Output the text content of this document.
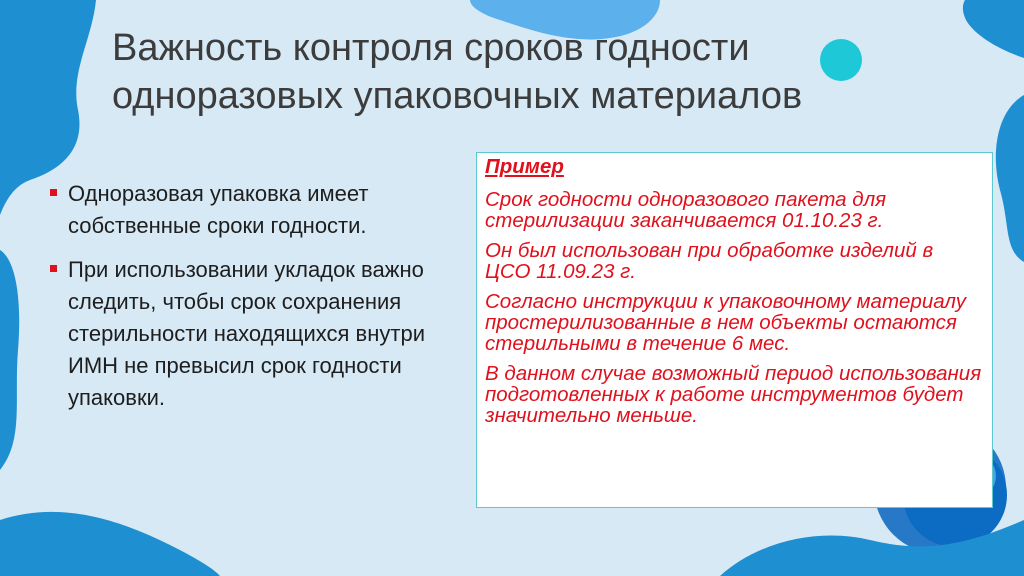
Важность контроля сроков годности одноразовых упаковочных материалов
Одноразовая упаковка имеет собственные сроки годности.
При использовании укладок важно следить, чтобы срок сохранения стерильности находящихся внутри ИМН не превысил срок годности упаковки.
Пример

Срок годности одноразового пакета для стерилизации заканчивается 01.10.23 г.

Он был использован при обработке изделий в ЦСО 11.09.23 г.

Согласно инструкции к упаковочному материалу простерилизованные в нем объекты остаются стерильными в течение 6 мес.

В данном случае возможный период использования подготовленных к работе инструментов будет значительно меньше.
